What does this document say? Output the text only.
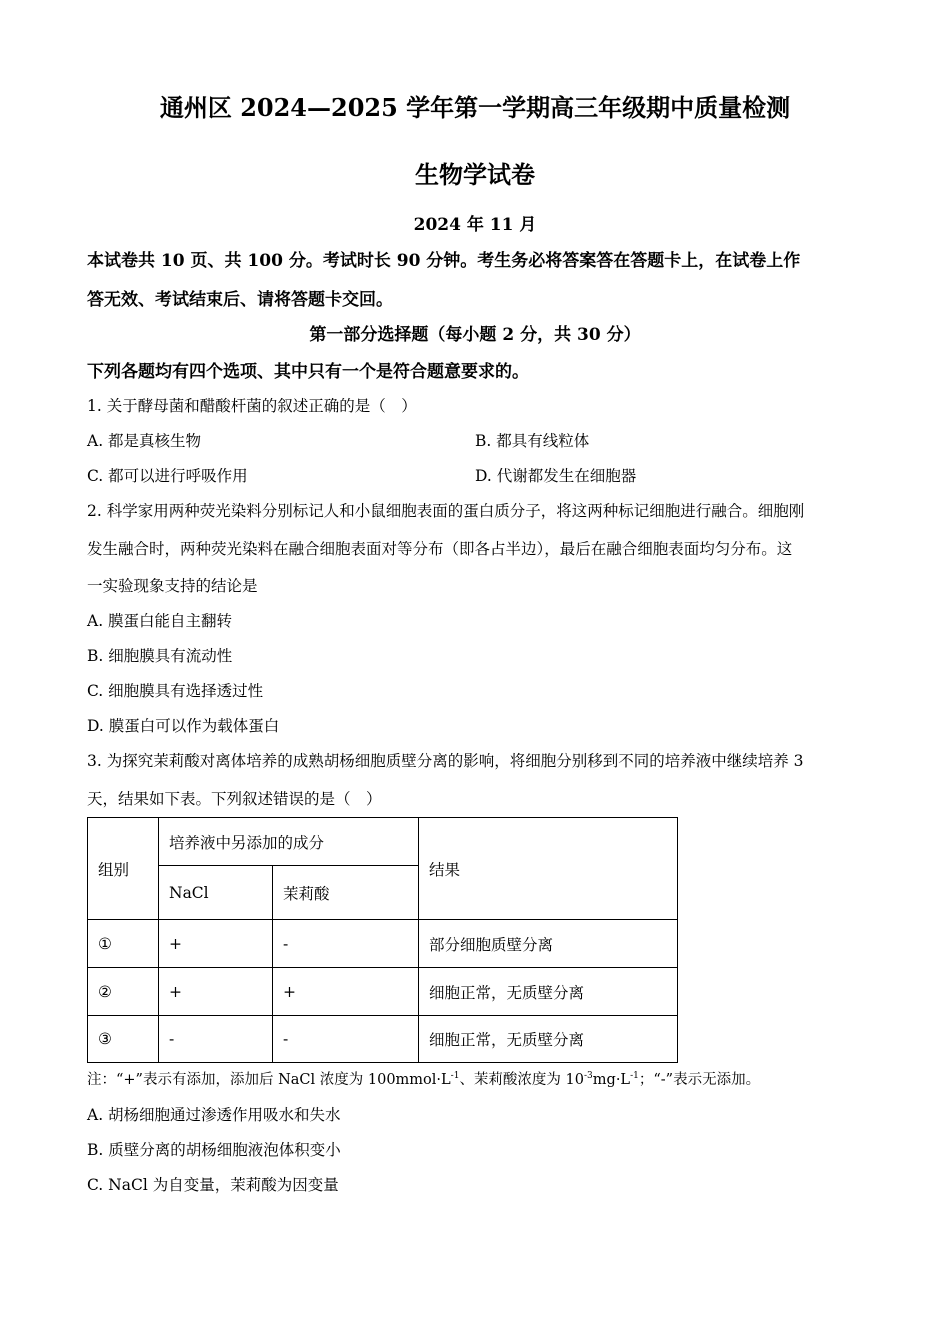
通州区 2024—2025 学年第一学期高三年级期中质量检测
生物学试卷
2024 年 11 月
本试卷共 10 页、共 100 分。考试时长 90 分钟。考生务必将答案答在答题卡上，在试卷上作
答无效、考试结束后、请将答题卡交回。
第一部分选择题（每小题 2 分，共 30 分）
下列各题均有四个选项、其中只有一个是符合题意要求的。
1. 关于酵母菌和醋酸杆菌的叙述正确的是（　）
A. 都是真核生物	B. 都具有线粒体
C. 都可以进行呼吸作用	D. 代谢都发生在细胞器
2. 科学家用两种荧光染料分别标记人和小鼠细胞表面的蛋白质分子，将这两种标记细胞进行融合。细胞刚
发生融合时，两种荧光染料在融合细胞表面对等分布（即各占半边），最后在融合细胞表面均匀分布。这
一实验现象支持的结论是
A. 膜蛋白能自主翻转
B. 细胞膜具有流动性
C. 细胞膜具有选择透过性
D. 膜蛋白可以作为载体蛋白
3. 为探究茉莉酸对离体培养的成熟胡杨细胞质壁分离的影响，将细胞分别移到不同的培养液中继续培养 3
天，结果如下表。下列叙述错误的是（　）
组别	培养液中另添加的成分		结果
	NaCl	茉莉酸	
①	+	-	部分细胞质壁分离
②	+	+	细胞正常，无质壁分离
③	-	-	细胞正常，无质壁分离
注：“+”表示有添加，添加后 NaCl 浓度为 $100mmol\cdot L^{-1}$、茉莉酸浓度为 $10^{-3}mg\cdot L^{-1}$；“-”表示无添加。
A. 胡杨细胞通过渗透作用吸水和失水
B. 质壁分离的胡杨细胞液泡体积变小
C. NaCl 为自变量，茉莉酸为因变量
